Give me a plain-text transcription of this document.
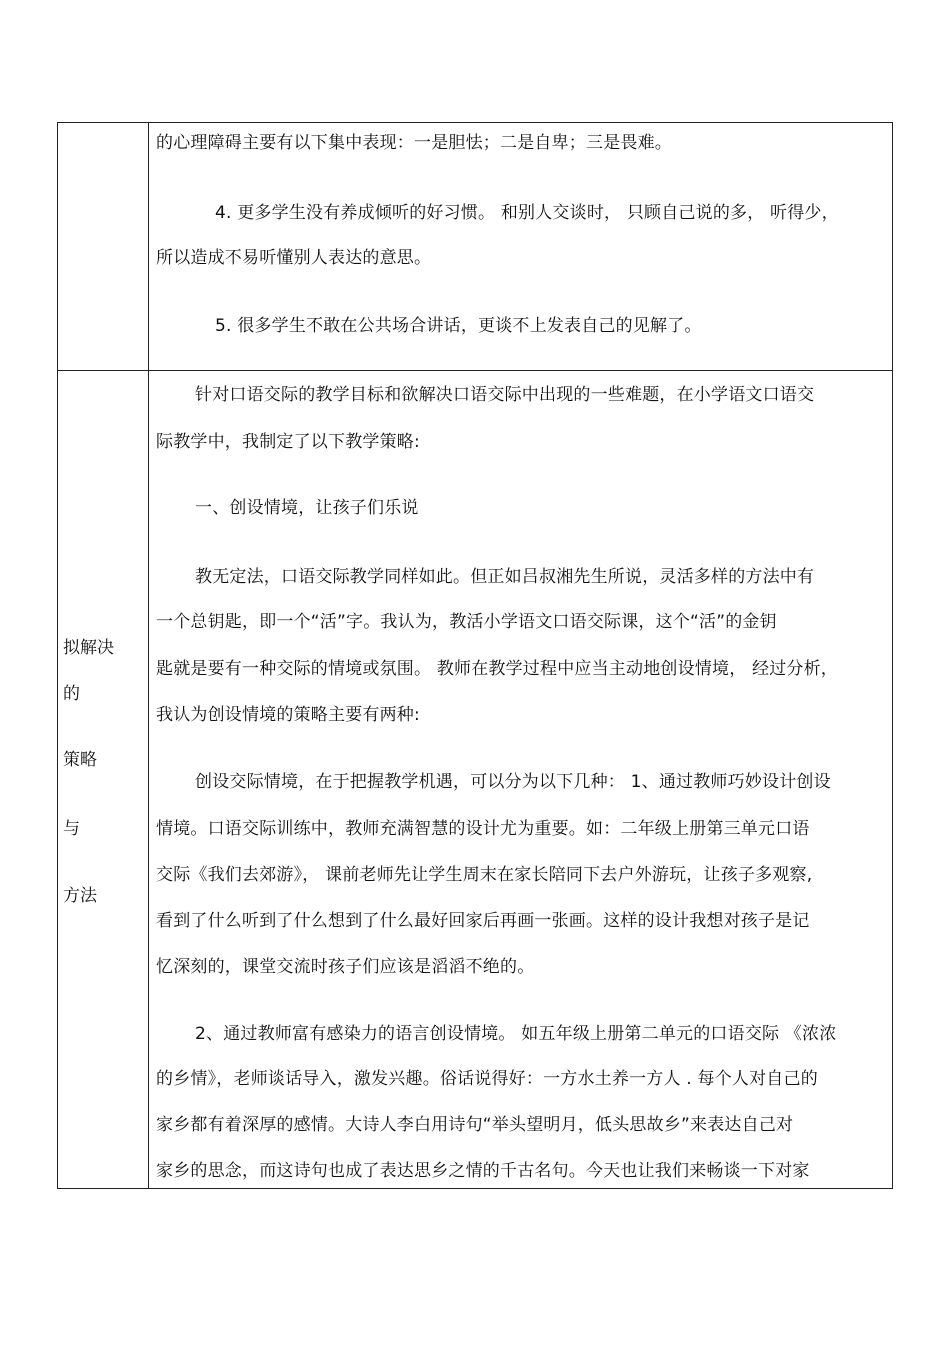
的心理障碍主要有以下集中表现：一是胆怯；二是自卑；三是畏难。
4. 更多学生没有养成倾听的好习惯。 和别人交谈时， 只顾自己说的多， 听得少，
所以造成不易听懂别人表达的意思。
5. 很多学生不敢在公共场合讲话，更谈不上发表自己的见解了。
拟解决
的
策略
与
方法
针对口语交际的教学目标和欲解决口语交际中出现的一些难题，在小学语文口语交
际教学中，我制定了以下教学策略:
一、创设情境，让孩子们乐说
教无定法，口语交际教学同样如此。但正如吕叔湘先生所说，灵活多样的方法中有
一个总钥匙，即一个“活”字。我认为，教活小学语文口语交际课，这个“活”的金钥
匙就是要有一种交际的情境或氛围。 教师在教学过程中应当主动地创设情境， 经过分析，
我认为创设情境的策略主要有两种:
创设交际情境，在于把握教学机遇，可以分为以下几种： 1、通过教师巧妙设计创设
情境。口语交际训练中，教师充满智慧的设计尤为重要。如：二年级上册第三单元口语
交际《我们去郊游》， 课前老师先让学生周末在家长陪同下去户外游玩，让孩子多观察,
看到了什么听到了什么想到了什么最好回家后再画一张画。这样的设计我想对孩子是记
忆深刻的，课堂交流时孩子们应该是滔滔不绝的。
2、通过教师富有感染力的语言创设情境。 如五年级上册第二单元的口语交际 《浓浓
的乡情》，老师谈话导入，激发兴趣。俗话说得好：一方水土养一方人 . 每个人对自己的
家乡都有着深厚的感情。大诗人李白用诗句“举头望明月，低头思故乡”来表达自己对
家乡的思念，而这诗句也成了表达思乡之情的千古名句。今天也让我们来畅谈一下对家
